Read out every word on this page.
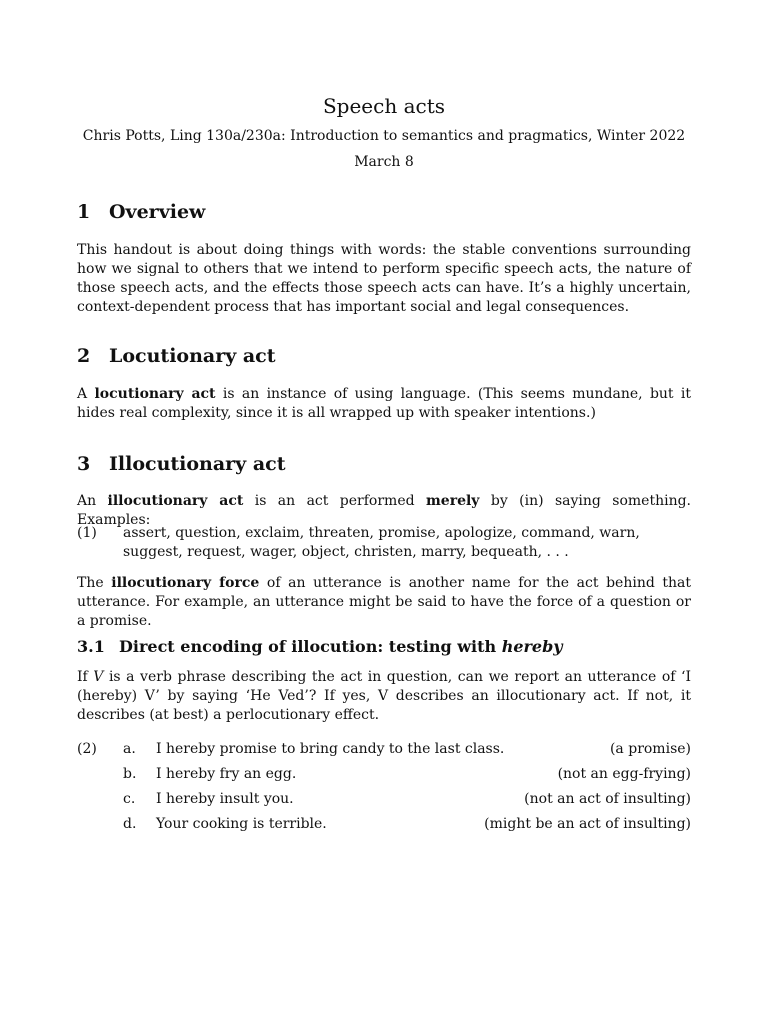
Speech acts
Chris Potts, Ling 130a/230a: Introduction to semantics and pragmatics, Winter 2022
March 8
1 Overview

This handout is about doing things with words: the stable conventions surrounding how we signal to others that we intend to perform specific speech acts, the nature of those speech acts, and the effects those speech acts can have. It’s a highly uncertain, context-dependent process that has important social and legal consequences.

2 Locutionary act

A locutionary act is an instance of using language. (This seems mundane, but it hides real complexity, since it is all wrapped up with speaker intentions.)

3 Illocutionary act

An illocutionary act is an act performed merely by (in) saying something. Examples:

(1) assert, question, exclaim, threaten, promise, apologize, command, warn, suggest, request, wager, object, christen, marry, bequeath, . . .

The illocutionary force of an utterance is another name for the act behind that utterance. For example, an utterance might be said to have the force of a question or a promise.

3.1 Direct encoding of illocution: testing with hereby

If V is a verb phrase describing the act in question, can we report an utterance of ‘I (hereby) V’ by saying ‘He Ved’? If yes, V describes an illocutionary act. If not, it describes (at best) a perlocutionary effect.

(2) a. I hereby promise to bring candy to the last class.	(a promise)
b. I hereby fry an egg.	(not an egg-frying)
c. I hereby insult you.	(not an act of insulting)
d. Your cooking is terrible.	(might be an act of insulting)
